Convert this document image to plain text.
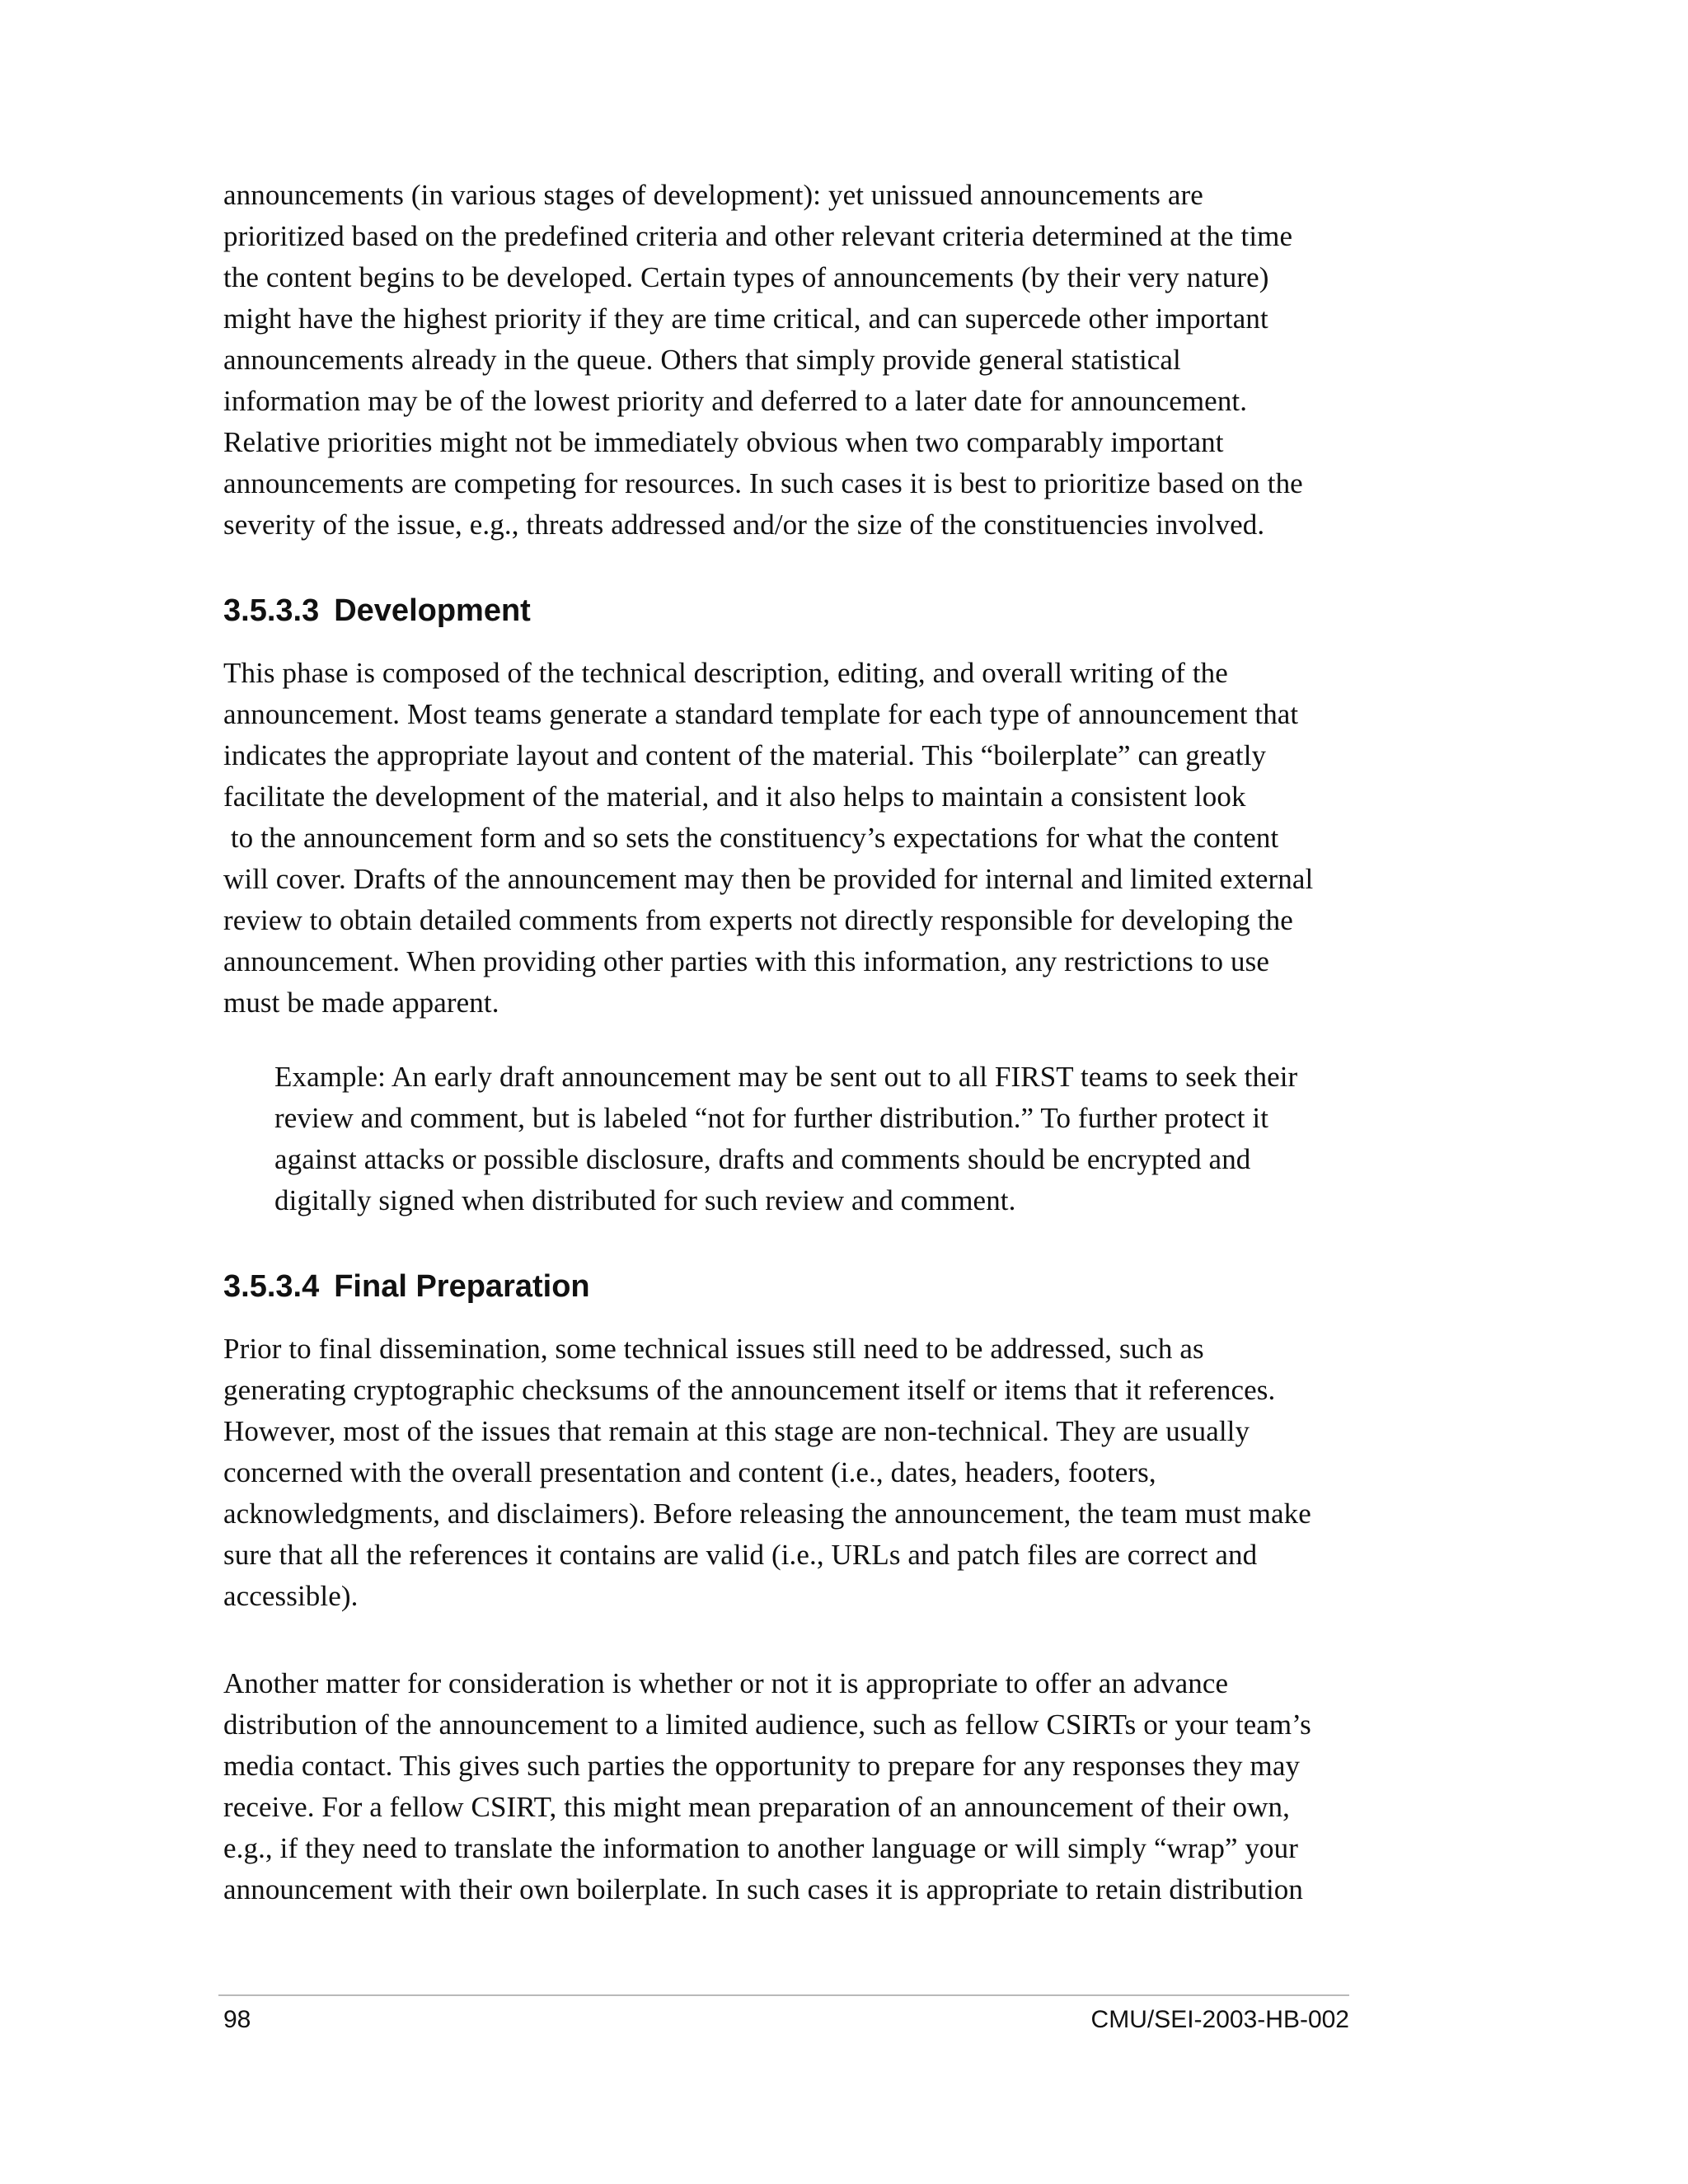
announcements (in various stages of development): yet unissued announcements are
prioritized based on the predefined criteria and other relevant criteria determined at the time
the content begins to be developed. Certain types of announcements (by their very nature)
might have the highest priority if they are time critical, and can supercede other important
announcements already in the queue. Others that simply provide general statistical
information may be of the lowest priority and deferred to a later date for announcement.
Relative priorities might not be immediately obvious when two comparably important
announcements are competing for resources. In such cases it is best to prioritize based on the
severity of the issue, e.g., threats addressed and/or the size of the constituencies involved.

3.5.3.3 Development

This phase is composed of the technical description, editing, and overall writing of the
announcement. Most teams generate a standard template for each type of announcement that
indicates the appropriate layout and content of the material. This “boilerplate” can greatly
facilitate the development of the material, and it also helps to maintain a consistent look
to the announcement form and so sets the constituency’s expectations for what the content
will cover. Drafts of the announcement may then be provided for internal and limited external
review to obtain detailed comments from experts not directly responsible for developing the
announcement. When providing other parties with this information, any restrictions to use
must be made apparent.

Example: An early draft announcement may be sent out to all FIRST teams to seek their
review and comment, but is labeled “not for further distribution.” To further protect it
against attacks or possible disclosure, drafts and comments should be encrypted and
digitally signed when distributed for such review and comment.

3.5.3.4 Final Preparation

Prior to final dissemination, some technical issues still need to be addressed, such as
generating cryptographic checksums of the announcement itself or items that it references.
However, most of the issues that remain at this stage are non-technical. They are usually
concerned with the overall presentation and content (i.e., dates, headers, footers,
acknowledgments, and disclaimers). Before releasing the announcement, the team must make
sure that all the references it contains are valid (i.e., URLs and patch files are correct and
accessible).

Another matter for consideration is whether or not it is appropriate to offer an advance
distribution of the announcement to a limited audience, such as fellow CSIRTs or your team’s
media contact. This gives such parties the opportunity to prepare for any responses they may
receive. For a fellow CSIRT, this might mean preparation of an announcement of their own,
e.g., if they need to translate the information to another language or will simply “wrap” your
announcement with their own boilerplate. In such cases it is appropriate to retain distribution

98	CMU/SEI-2003-HB-002
